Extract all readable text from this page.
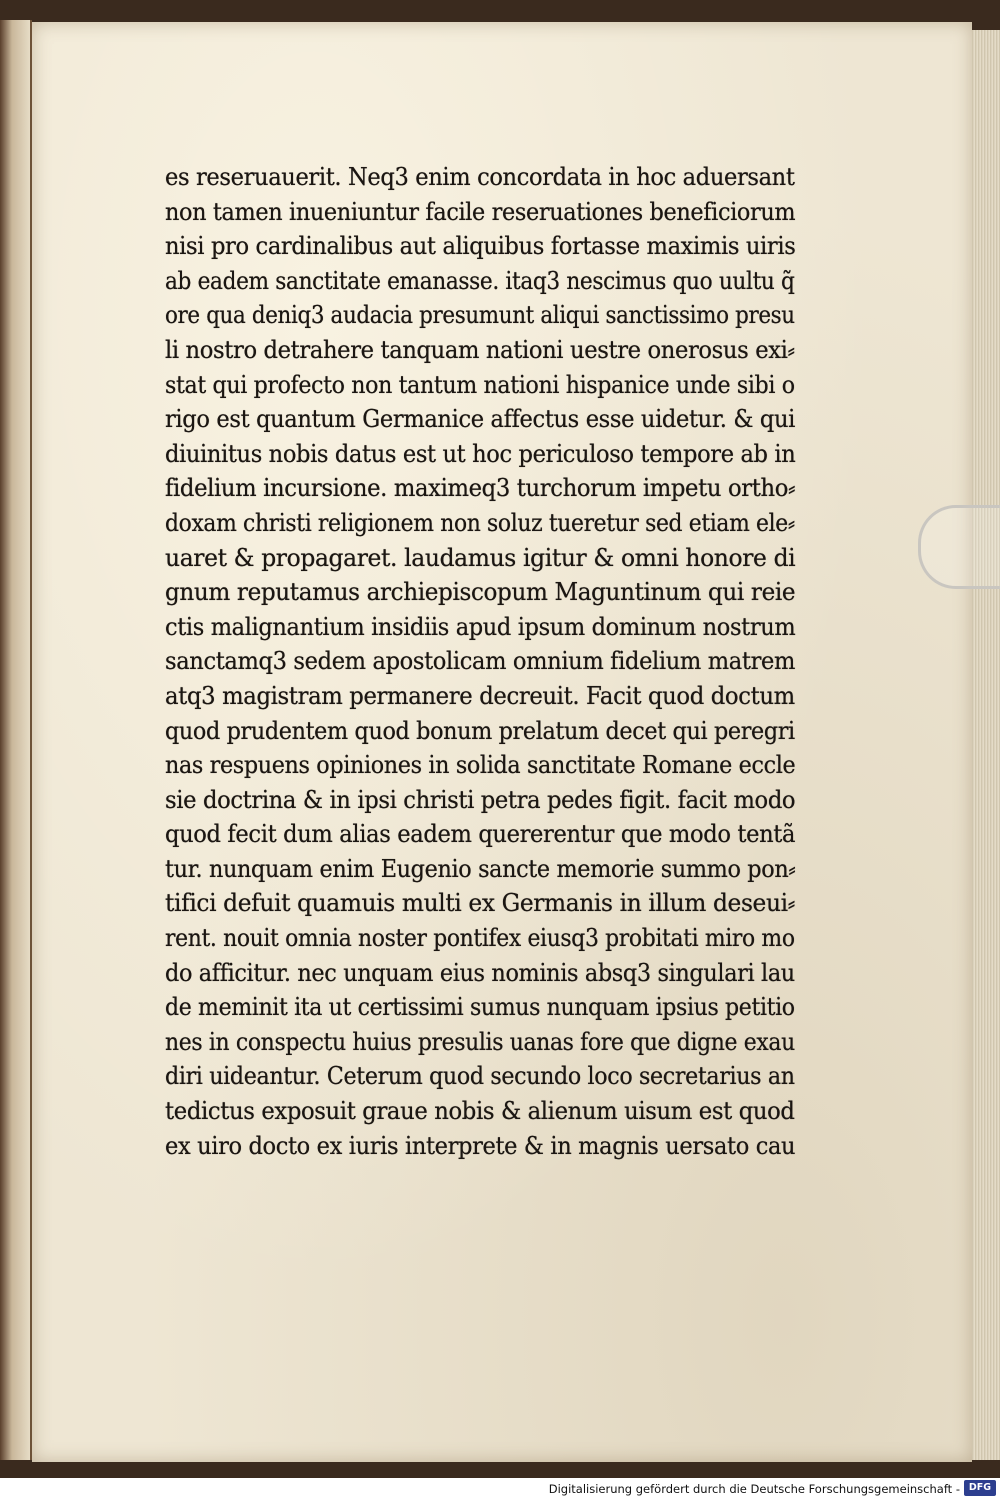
es reseruauerit. Neq3 enim concordata in hoc aduersant
non tamen inueniuntur facile reseruationes beneficiorum
nisi pro cardinalibus aut aliquibus fortasse maximis uiris
ab eadem sanctitate emanasse. itaq3 nescimus quo uultu q̃
ore qua deniq3 audacia presumunt aliqui sanctissimo presu
li nostro detrahere tanquam nationi uestre onerosus exi⸗
stat qui profecto non tantum nationi hispanice unde sibi o
rigo est quantum Germanice affectus esse uidetur. & qui
diuinitus nobis datus est ut hoc periculoso tempore ab in
fidelium incursione. maximeq3 turchorum impetu ortho⸗
doxam christi religionem non soluz tueretur sed etiam ele⸗
uaret & propagaret. laudamus igitur & omni honore di
gnum reputamus archiepiscopum Maguntinum qui reie
ctis malignantium insidiis apud ipsum dominum nostrum
sanctamq3 sedem apostolicam omnium fidelium matrem
atq3 magistram permanere decreuit. Facit quod doctum
quod prudentem quod bonum prelatum decet qui peregri
nas respuens opiniones in solida sanctitate Romane eccle
sie doctrina & in ipsi christi petra pedes figit. facit modo
quod fecit dum alias eadem quererentur que modo tentã
tur. nunquam enim Eugenio sancte memorie summo pon⸗
tifici defuit quamuis multi ex Germanis in illum deseui⸗
rent. nouit omnia noster pontifex eiusq3 probitati miro mo
do afficitur. nec unquam eius nominis absq3 singulari lau
de meminit ita ut certissimi sumus nunquam ipsius petitio
nes in conspectu huius presulis uanas fore que digne exau
diri uideantur. Ceterum quod secundo loco secretarius an
tedictus exposuit graue nobis & alienum uisum est quod
ex uiro docto ex iuris interprete & in magnis uersato cau
Digitalisierung gefördert durch die Deutsche Forschungsgemeinschaft - DFG
